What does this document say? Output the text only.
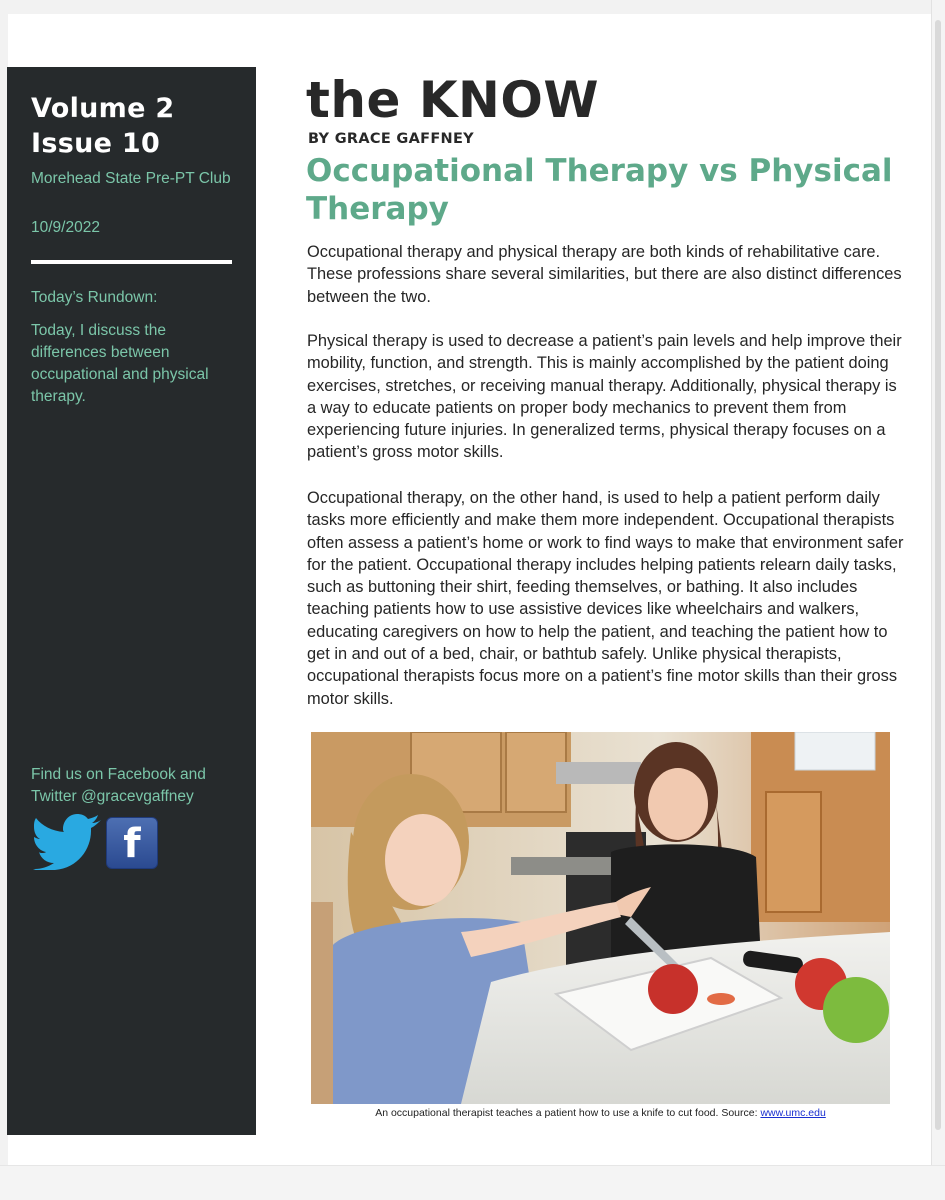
Volume 2
Issue 10
Morehead State Pre-PT Club
10/9/2022
Today’s Rundown:
Today, I discuss the differences between occupational and physical therapy.
Find us on Facebook and Twitter @gracevgaffney
f
the KNOW
BY GRACE GAFFNEY
Occupational Therapy vs Physical Therapy
Occupational therapy and physical therapy are both kinds of rehabilitative care. These professions share several similarities, but there are also distinct differences between the two.
Physical therapy is used to decrease a patient’s pain levels and help improve their mobility, function, and strength. This is mainly accomplished by the patient doing exercises, stretches, or receiving manual therapy. Additionally, physical therapy is a way to educate patients on proper body mechanics to prevent them from experiencing future injuries. In generalized terms, physical therapy focuses on a patient’s gross motor skills.
Occupational therapy, on the other hand, is used to help a patient perform daily tasks more efficiently and make them more independent. Occupational therapists often assess a patient’s home or work to find ways to make that environment safer for the patient. Occupational therapy includes helping patients relearn daily tasks, such as buttoning their shirt, feeding themselves, or bathing. It also includes teaching patients how to use assistive devices like wheelchairs and walkers, educating caregivers on how to help the patient, and teaching the patient how to get in and out of a bed, chair, or bathtub safely. Unlike physical therapists, occupational therapists focus more on a patient’s fine motor skills than their gross motor skills.
An occupational therapist teaches a patient how to use a knife to cut food. Source: www.umc.edu
